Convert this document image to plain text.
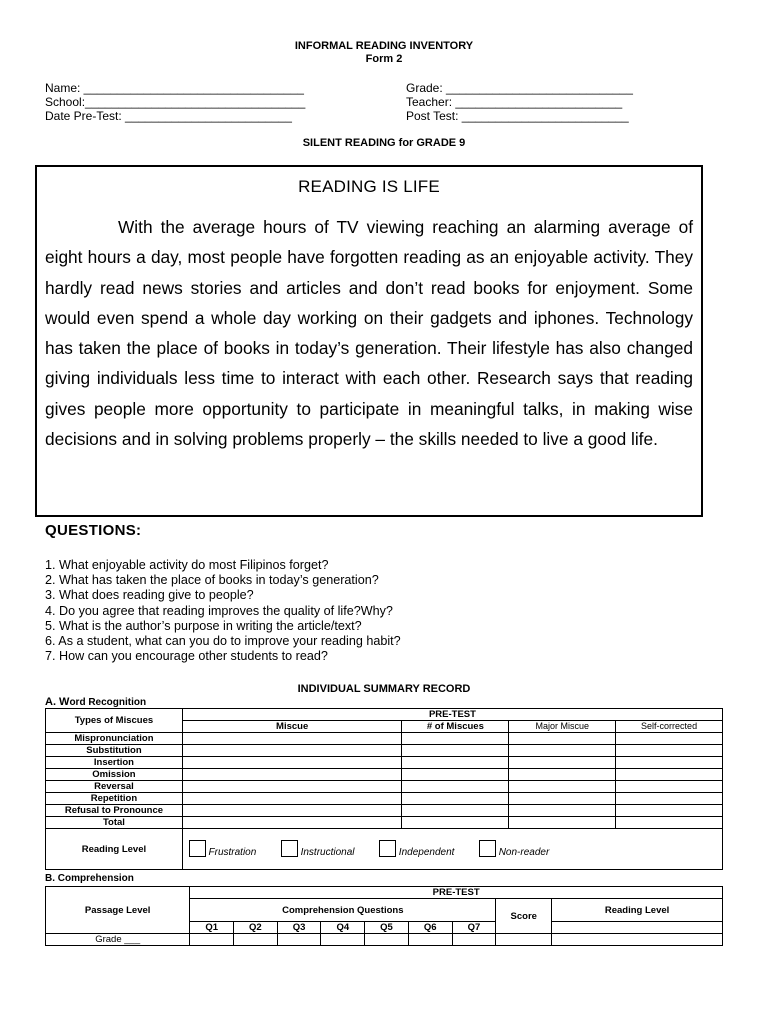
INFORMAL READING INVENTORY
Form 2
Name: _________________________________
School:_________________________________
Date Pre-Test: _________________________
Grade: ____________________________
Teacher: _________________________
Post Test: _________________________
SILENT READING for GRADE 9
READING IS LIFE
With the average hours of TV viewing reaching an alarming average of eight hours a day, most people have forgotten reading as an enjoyable activity. They hardly read news stories and articles and don’t read books for enjoyment. Some would even spend a whole day working on their gadgets and iphones. Technology has taken the place of books in today’s generation. Their lifestyle has also changed giving individuals less time to interact with each other. Research says that reading gives people more opportunity to participate in meaningful talks, in making wise decisions and in solving problems properly – the skills needed to live a good life.
QUESTIONS:
1. What enjoyable activity do most Filipinos forget?
2. What has taken the place of books in today’s generation?
3. What does reading give to people?
4. Do you agree that reading improves the quality of life?Why?
5. What is the author’s purpose in writing the article/text?
6. As a student, what can you do to improve your reading habit?
7. How can you encourage other students to read?
INDIVIDUAL SUMMARY RECORD
A. Word Recognition
Types of Miscues	PRE-TEST			
	Miscue	# of Miscues	Major Miscue	Self-corrected
Mispronunciation				
Substitution				
Insertion				
Omission				
Reversal				
Repetition				
Refusal to Pronounce				
Total				
Reading Level	Frustration Instructional Independent Non-reader			
B. Comprehension
Passage Level	PRE-TEST								
	Comprehension Questions							Score	Reading Level
	Q1	Q2	Q3	Q4	Q5	Q6	Q7		
Grade ___									
